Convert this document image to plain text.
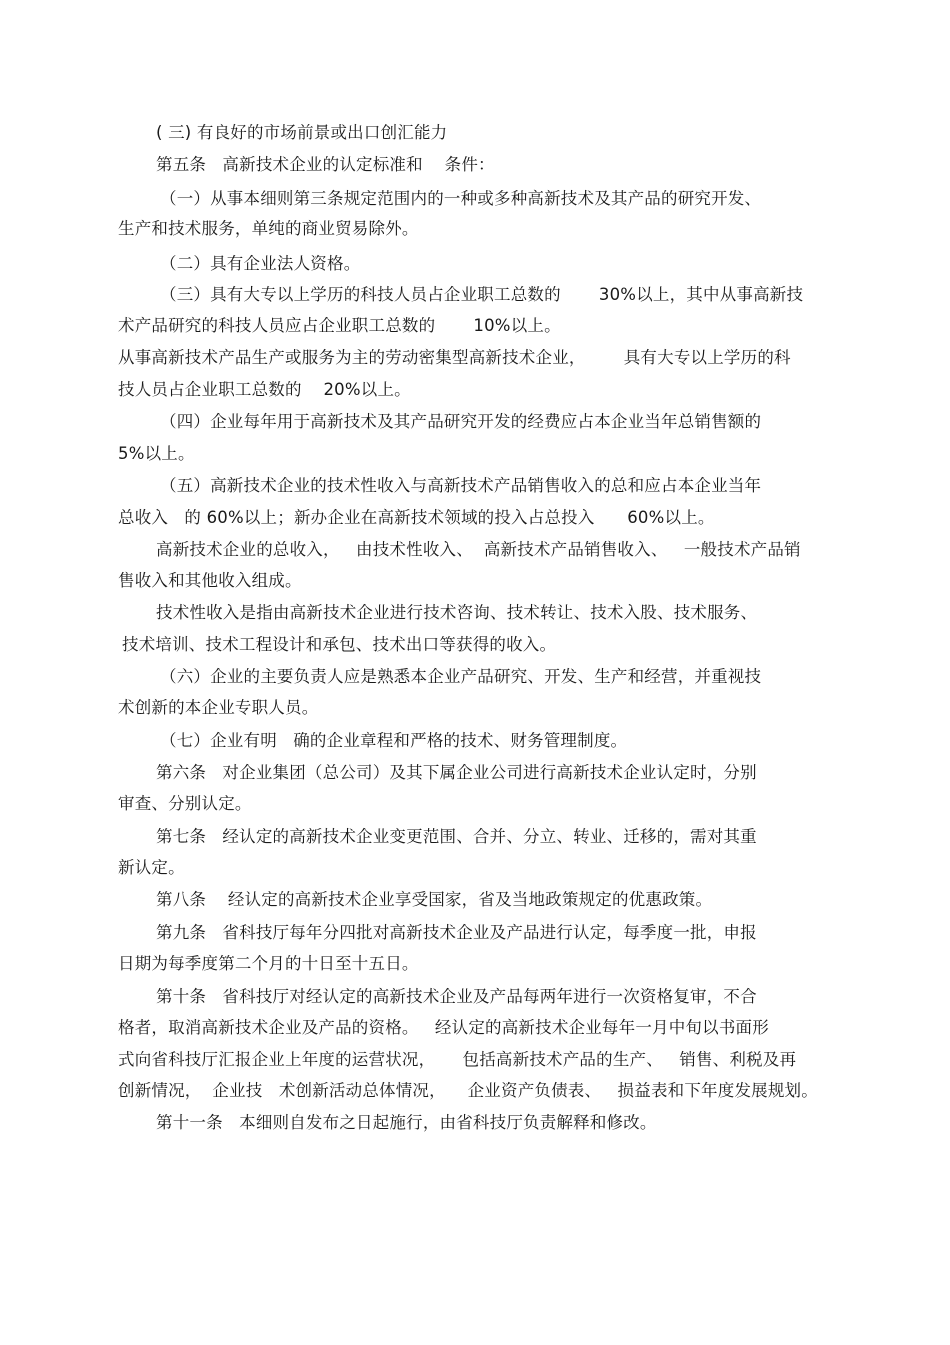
( 三) 有良好的市场前景或出口创汇能力
第五条   高新技术企业的认定标准和    条件：
（一）从事本细则第三条规定范围内的一种或多种高新技术及其产品的研究开发、
生产和技术服务，单纯的商业贸易除外。
（二）具有企业法人资格。
（三）具有大专以上学历的科技人员占企业职工总数的       30%以上，其中从事高新技
术产品研究的科技人员应占企业职工总数的       10%以上。
从事高新技术产品生产或服务为主的劳动密集型高新技术企业，       具有大专以上学历的科
技人员占企业职工总数的    20%以上。
（四）企业每年用于高新技术及其产品研究开发的经费应占本企业当年总销售额的
5%以上。
（五）高新技术企业的技术性收入与高新技术产品销售收入的总和应占本企业当年
总收入   的 60%以上；新办企业在高新技术领域的投入占总投入      60%以上。
高新技术企业的总收入，   由技术性收入、  高新技术产品销售收入、   一般技术产品销
售收入和其他收入组成。
技术性收入是指由高新技术企业进行技术咨询、技术转让、技术入股、技术服务、
技术培训、技术工程设计和承包、技术出口等获得的收入。
（六）企业的主要负责人应是熟悉本企业产品研究、开发、生产和经营，并重视技
术创新的本企业专职人员。
（七）企业有明   确的企业章程和严格的技术、财务管理制度。
第六条   对企业集团（总公司）及其下属企业公司进行高新技术企业认定时，分别
审查、分别认定。
第七条   经认定的高新技术企业变更范围、合并、分立、转业、迁移的，需对其重
新认定。
第八条    经认定的高新技术企业享受国家，省及当地政策规定的优惠政策。
第九条   省科技厅每年分四批对高新技术企业及产品进行认定，每季度一批，申报
日期为每季度第二个月的十日至十五日。
第十条   省科技厅对经认定的高新技术企业及产品每两年进行一次资格复审，不合
格者，取消高新技术企业及产品的资格。   经认定的高新技术企业每年一月中旬以书面形
式向省科技厅汇报企业上年度的运营状况，     包括高新技术产品的生产、   销售、利税及再
创新情况，  企业技   术创新活动总体情况，    企业资产负债表、   损益表和下年度发展规划。
第十一条   本细则自发布之日起施行，由省科技厅负责解释和修改。
